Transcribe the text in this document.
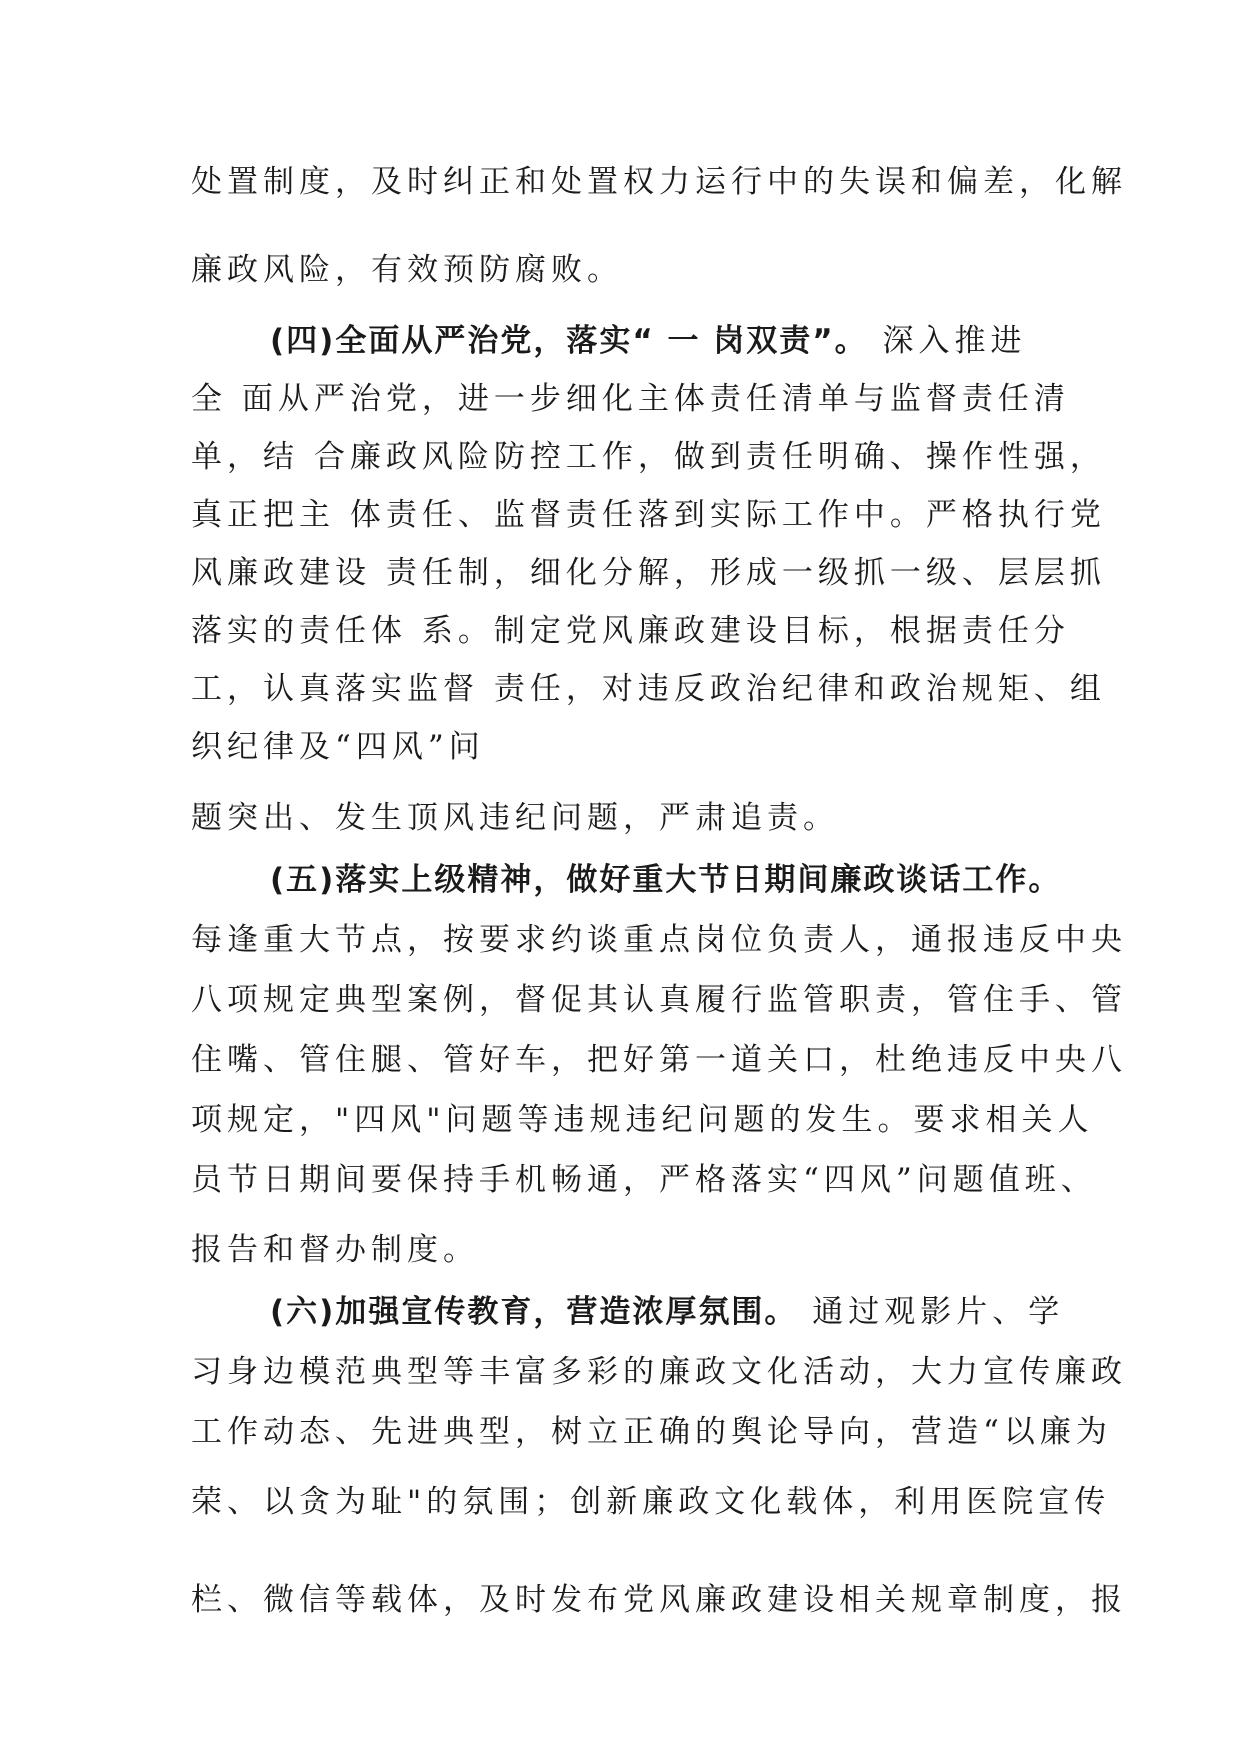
处置制度，及时纠正和处置权力运行中的失误和偏差，化解
廉政风险，有效预防腐败。
(四)全面从严治党，落实“ 一 岗双责”。 深入推进
全 面从严治党，进一步细化主体责任清单与监督责任清
单，结 合廉政风险防控工作，做到责任明确、操作性强，
真正把主 体责任、监督责任落到实际工作中。严格执行党
风廉政建设 责任制，细化分解，形成一级抓一级、层层抓
落实的责任体 系。制定党风廉政建设目标，根据责任分
工，认真落实监督 责任，对违反政治纪律和政治规矩、组
织纪律及“四风”问
题突出、发生顶风违纪问题，严肃追责。
(五)落实上级精神，做好重大节日期间廉政谈话工作。
每逢重大节点，按要求约谈重点岗位负责人，通报违反中央
八项规定典型案例，督促其认真履行监管职责，管住手、管
住嘴、管住腿、管好车，把好第一道关口，杜绝违反中央八
项规定，"四风"问题等违规违纪问题的发生。要求相关人
员节日期间要保持手机畅通，严格落实“四风”问题值班、
报告和督办制度。
(六)加强宣传教育，营造浓厚氛围。 通过观影片、学
习身边模范典型等丰富多彩的廉政文化活动，大力宣传廉政
工作动态、先进典型，树立正确的舆论导向，营造“以廉为
荣、以贪为耻"的氛围；创新廉政文化载体，利用医院宣传
栏、微信等载体，及时发布党风廉政建设相关规章制度，报
